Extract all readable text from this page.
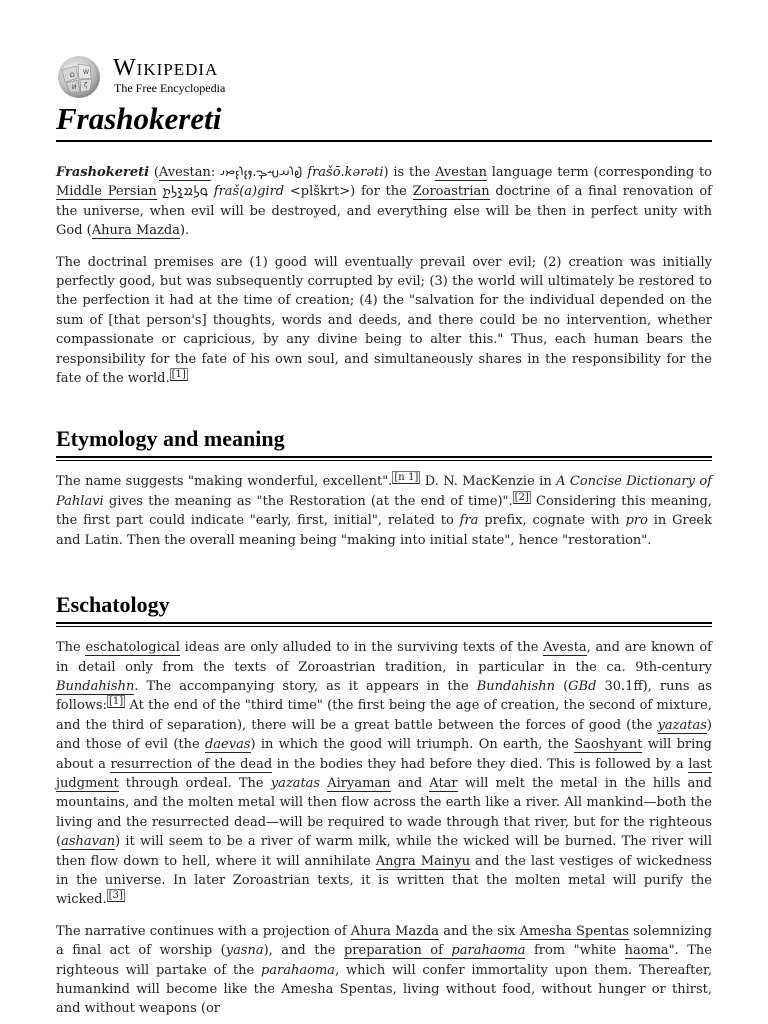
Ω W
И ζ
Wikipedia
The Free Encyclopedia
Frashokereti

Frashokereti (Avestan: 𐬟𐬭𐬀𐬱𐬋.𐬐𐬆𐬭𐬆𐬙𐬌 frašō.kərəti) is the Avestan language term (corresponding to Middle Persian 𐭯𐭫𐭱𐭪𐭫𐭲 fraš(a)gird <plškrt>) for the Zoroastrian doctrine of a final renovation of the universe, when evil will be destroyed, and everything else will be then in perfect unity with God (Ahura Mazda).

The doctrinal premises are (1) good will eventually prevail over evil; (2) creation was initially perfectly good, but was subsequently corrupted by evil; (3) the world will ultimately be restored to the perfection it had at the time of creation; (4) the "salvation for the individual depended on the sum of [that person's] thoughts, words and deeds, and there could be no intervention, whether compassionate or capricious, by any divine being to alter this." Thus, each human bears the responsibility for the fate of his own soul, and simultaneously shares in the responsibility for the fate of the world. [1]

Etymology and meaning

The name suggests "making wonderful, excellent". [n 1] D. N. MacKenzie in A Concise Dictionary of Pahlavi gives the meaning as "the Restoration (at the end of time)". [2] Considering this meaning, the first part could indicate "early, first, initial", related to fra prefix, cognate with pro in Greek and Latin. Then the overall meaning being "making into initial state", hence "restoration".

Eschatology

The eschatological ideas are only alluded to in the surviving texts of the Avesta, and are known of in detail only from the texts of Zoroastrian tradition, in particular in the ca. 9th-century Bundahishn. The accompanying story, as it appears in the Bundahishn (GBd 30.1ff), runs as follows: [1] At the end of the "third time" (the first being the age of creation, the second of mixture, and the third of separation), there will be a great battle between the forces of good (the yazatas) and those of evil (the daevas) in which the good will triumph. On earth, the Saoshyant will bring about a resurrection of the dead in the bodies they had before they died. This is followed by a last judgment through ordeal. The yazatas Airyaman and Atar will melt the metal in the hills and mountains, and the molten metal will then flow across the earth like a river. All mankind—both the living and the resurrected dead—will be required to wade through that river, but for the righteous (ashavan) it will seem to be a river of warm milk, while the wicked will be burned. The river will then flow down to hell, where it will annihilate Angra Mainyu and the last vestiges of wickedness in the universe. In later Zoroastrian texts, it is written that the molten metal will purify the wicked. [3]

The narrative continues with a projection of Ahura Mazda and the six Amesha Spentas solemnizing a final act of worship (yasna), and the preparation of parahaoma from "white haoma". The righteous will partake of the parahaoma, which will confer immortality upon them. Thereafter, humankind will become like the Amesha Spentas, living without food, without hunger or thirst, and without weapons (or
